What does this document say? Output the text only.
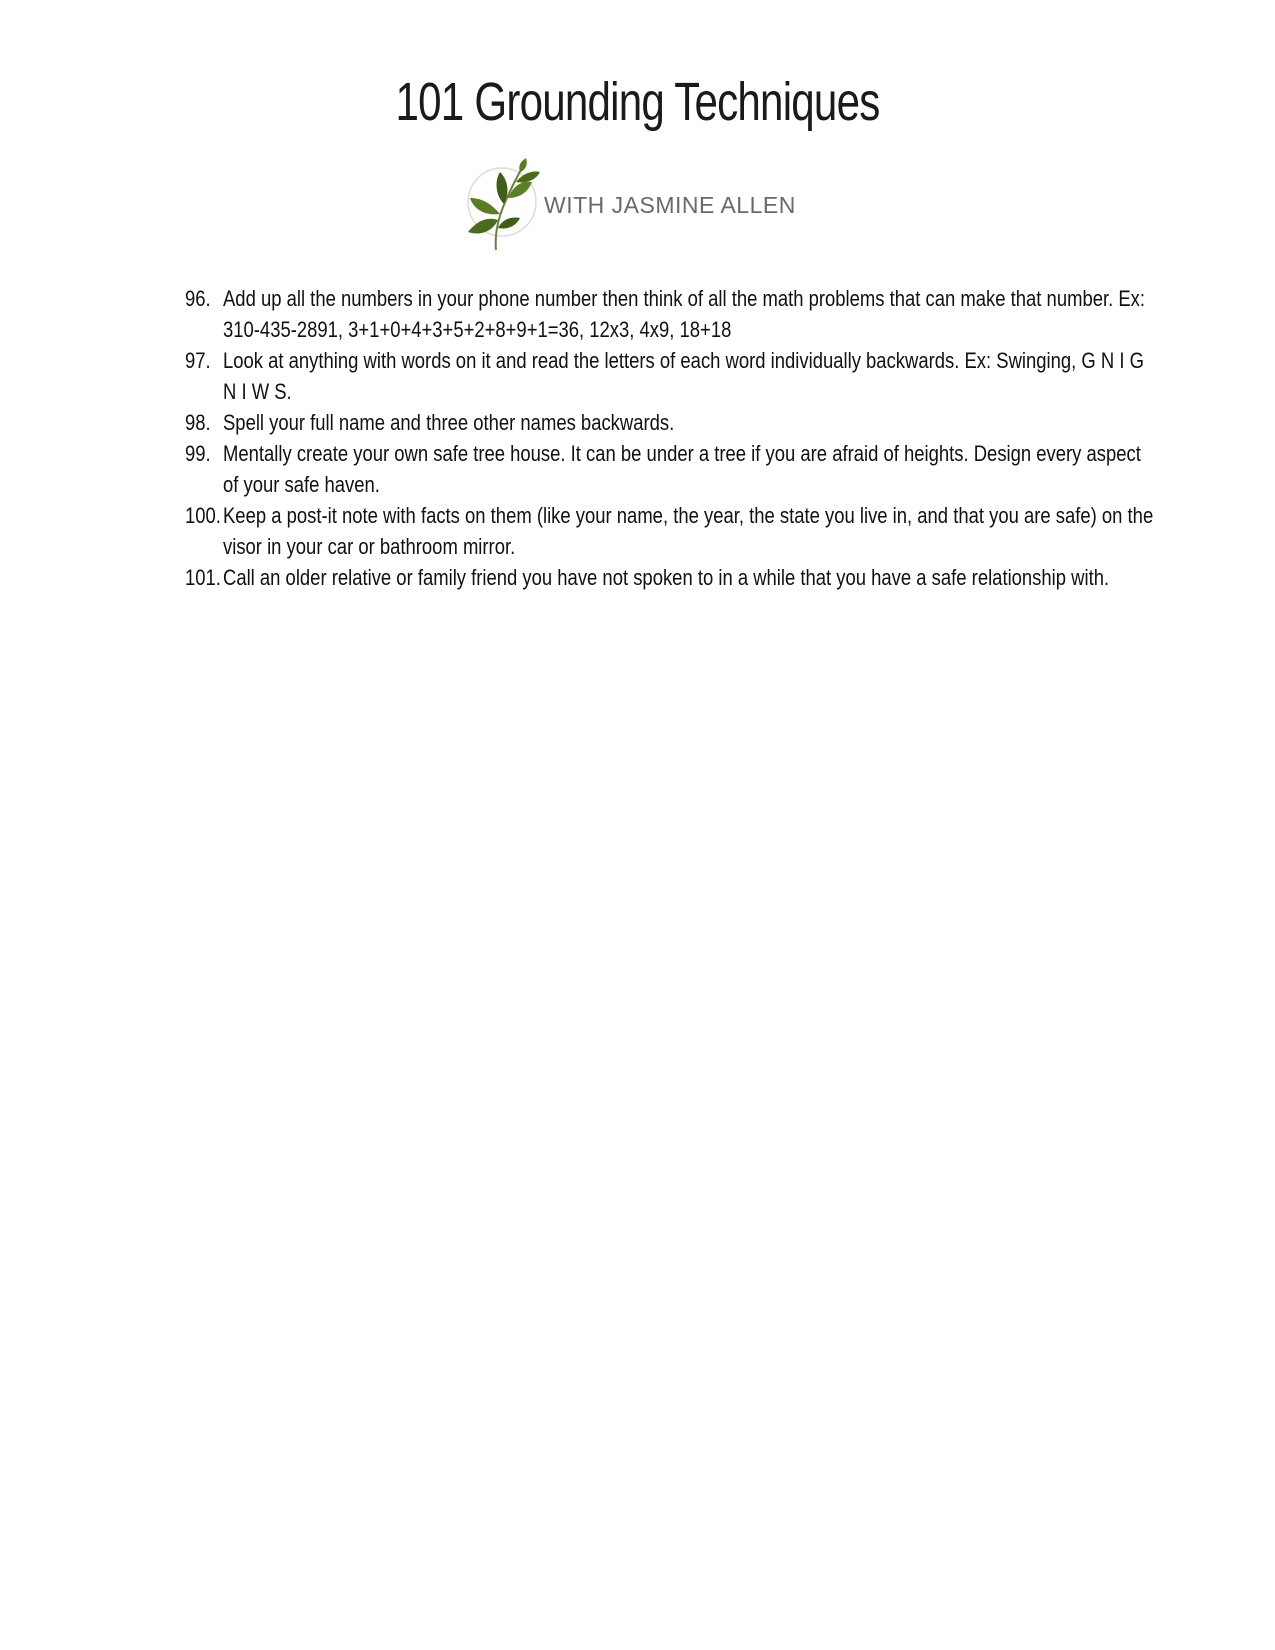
101 Grounding Techniques
WITH JASMINE ALLEN
96. Add up all the numbers in your phone number then think of all the math problems that can make that number. Ex: 310-435-2891, 3+1+0+4+3+5+2+8+9+1=36, 12x3, 4x9, 18+18
97. Look at anything with words on it and read the letters of each word individually backwards. Ex: Swinging, G N I G N I W S.
98. Spell your full name and three other names backwards.
99. Mentally create your own safe tree house. It can be under a tree if you are afraid of heights. Design every aspect of your safe haven.
100. Keep a post-it note with facts on them (like your name, the year, the state you live in, and that you are safe) on the visor in your car or bathroom mirror.
101. Call an older relative or family friend you have not spoken to in a while that you have a safe relationship with.
